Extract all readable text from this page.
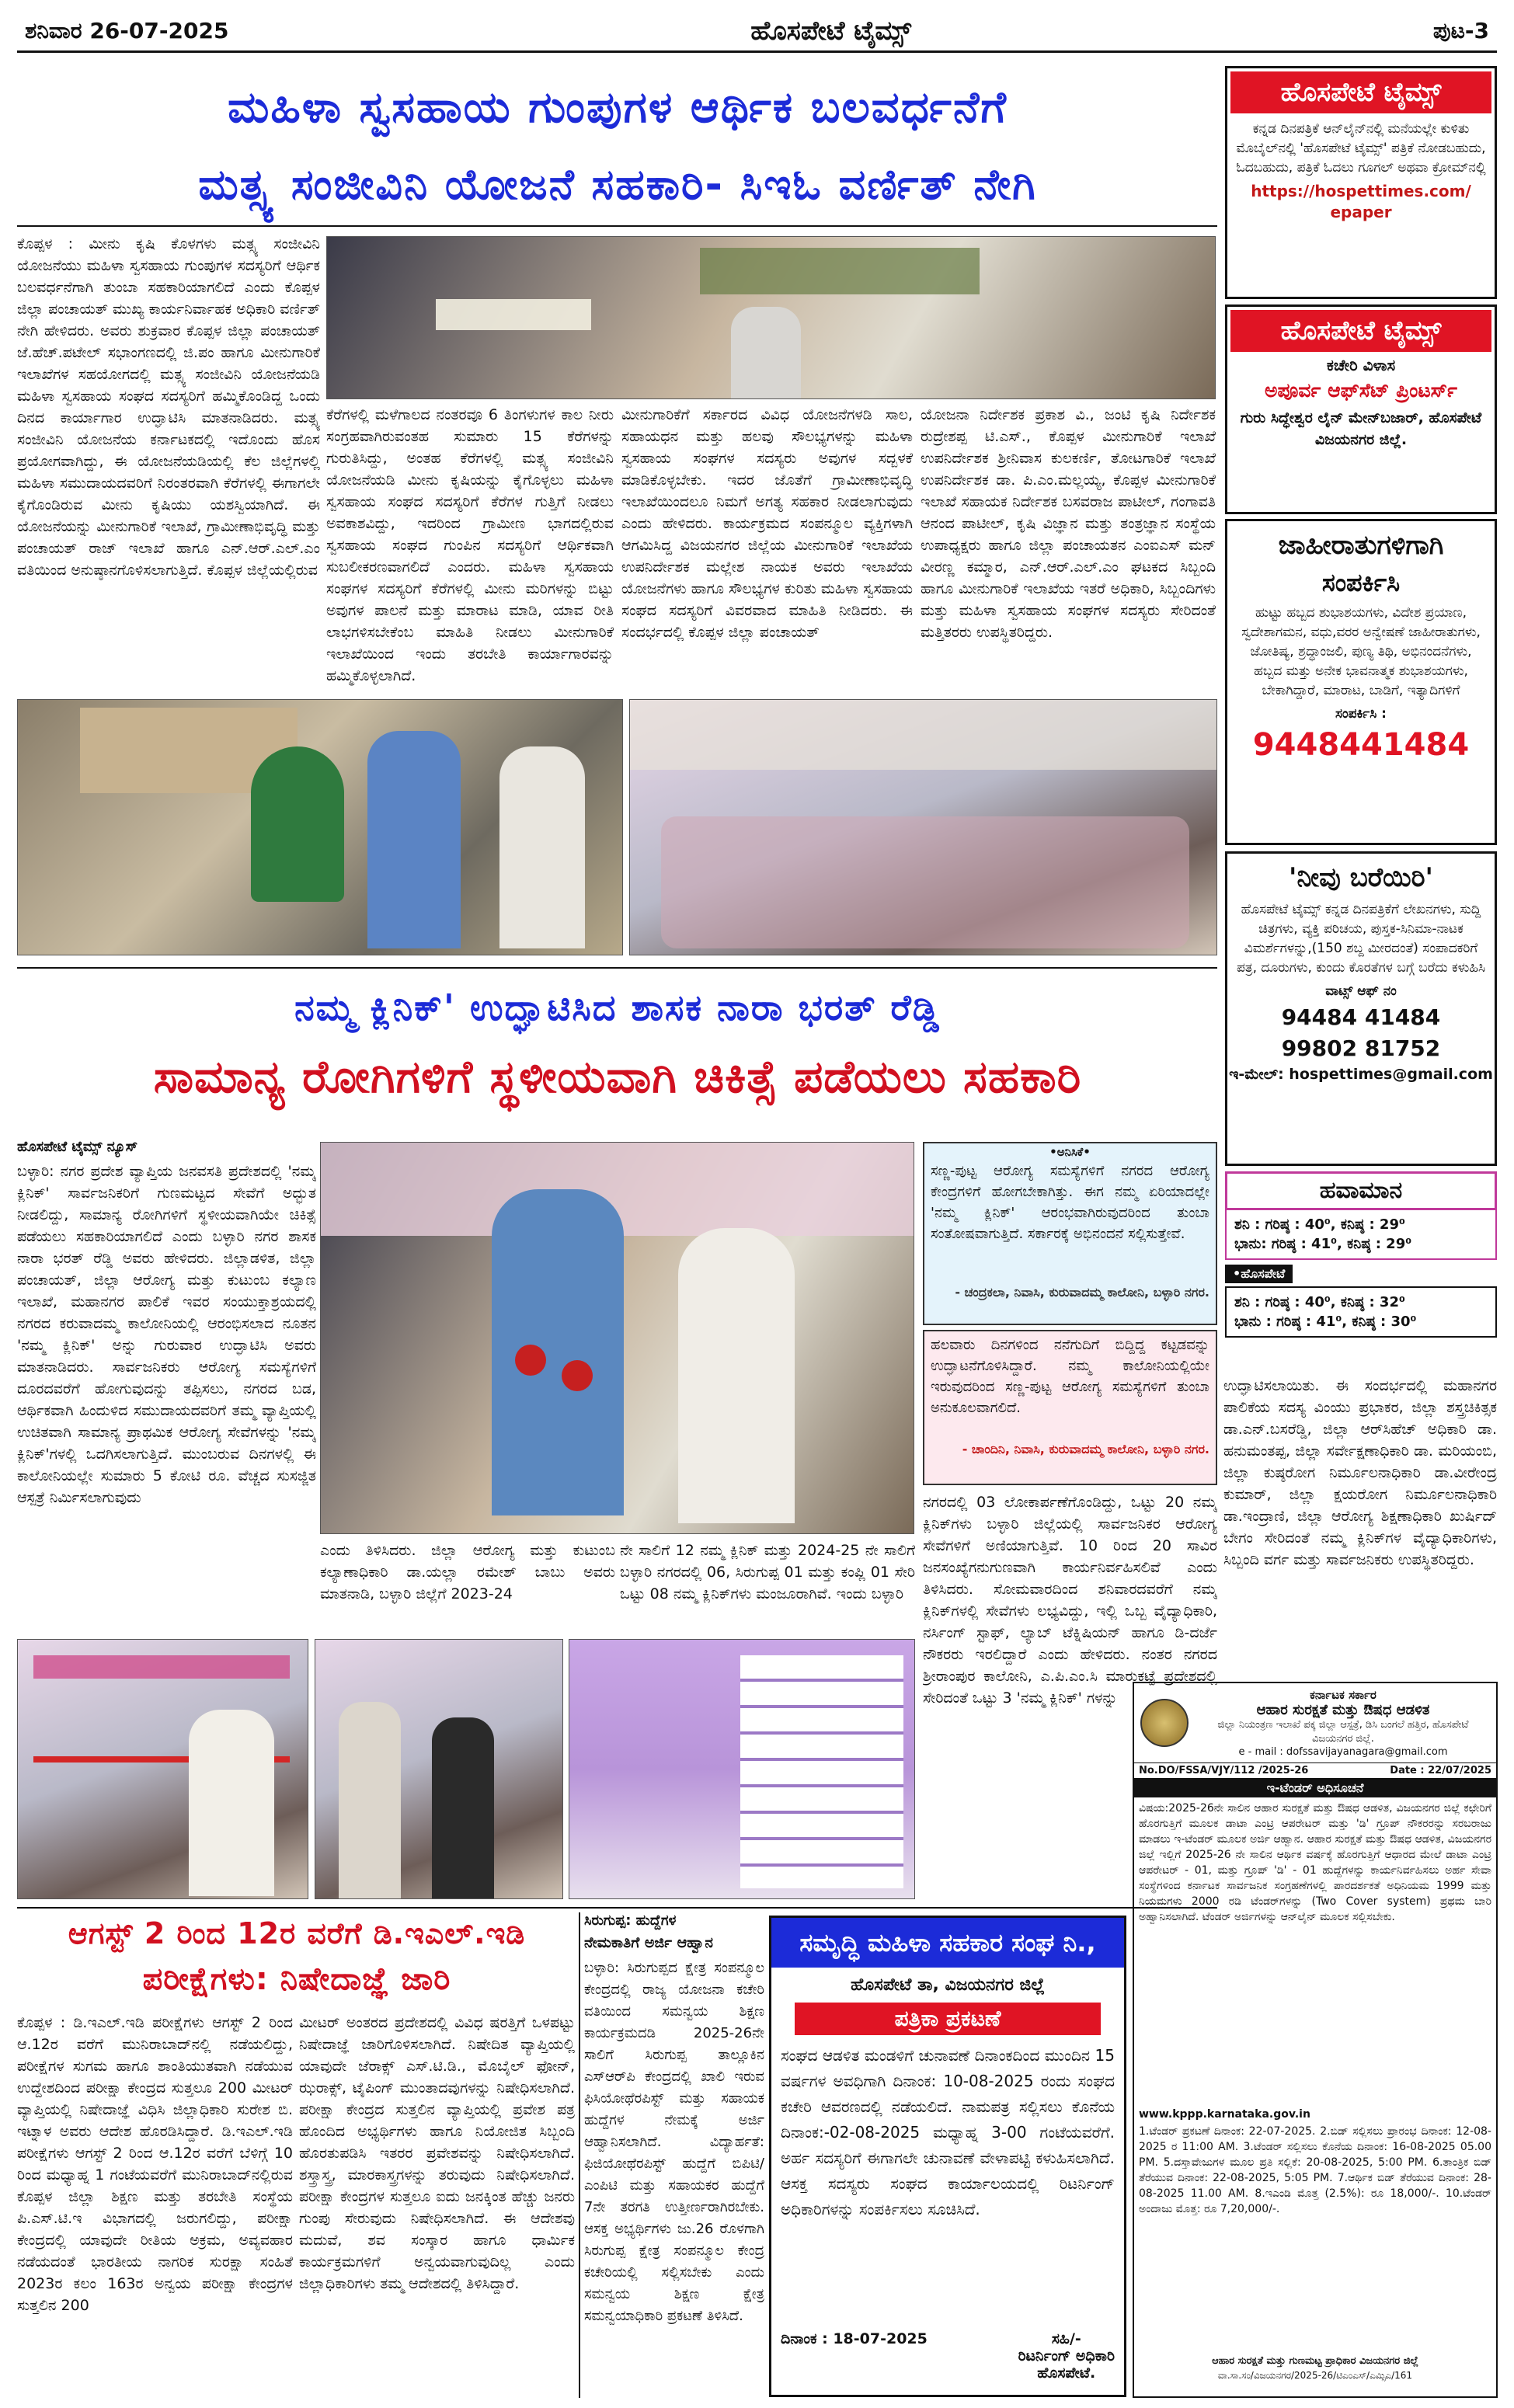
ಶನಿವಾರ 26-07-2025	ಹೊಸಪೇಟೆ ಟೈಮ್ಸ್	ಪುಟ-3
ಮಹಿಳಾ ಸ್ವಸಹಾಯ ಗುಂಪುಗಳ ಆರ್ಥಿಕ ಬಲವರ್ಧನೆಗೆ
ಮತ್ಸ್ಯ ಸಂಜೀವಿನಿ ಯೋಜನೆ ಸಹಕಾರಿ- ಸಿಇಓ ವರ್ಣಿತ್ ನೇಗಿ
ಕೊಪ್ಪಳ : ಮೀನು ಕೃಷಿ ಕೊಳಗಳು ಮತ್ಸ್ಯ ಸಂಜೀವಿನಿ ಯೋಜನೆಯು ಮಹಿಳಾ ಸ್ವಸಹಾಯ ಗುಂಪುಗಳ ಸದಸ್ಯರಿಗೆ ಆರ್ಥಿಕ ಬಲವರ್ಧನೆಗಾಗಿ ತುಂಬಾ ಸಹಕಾರಿಯಾಗಲಿದೆ ಎಂದು ಕೊಪ್ಪಳ ಜಿಲ್ಲಾ ಪಂಚಾಯತ್ ಮುಖ್ಯ ಕಾರ್ಯನಿರ್ವಾಹಕ ಅಧಿಕಾರಿ ವರ್ಣಿತ್ ನೇಗಿ ಹೇಳಿದರು. ಅವರು ಶುಕ್ರವಾರ ಕೊಪ್ಪಳ ಜಿಲ್ಲಾ ಪಂಚಾಯತ್ ಜೆ.ಹೆಚ್.ಪಟೇಲ್ ಸಭಾಂಗಣದಲ್ಲಿ ಜಿ.ಪಂ ಹಾಗೂ ಮೀನುಗಾರಿಕೆ ಇಲಾಖೆಗಳ ಸಹಯೋಗದಲ್ಲಿ ಮತ್ಸ್ಯ ಸಂಜೀವಿನಿ ಯೋಜನೆಯಡಿ ಮಹಿಳಾ ಸ್ವಸಹಾಯ ಸಂಘದ ಸದಸ್ಯರಿಗೆ ಹಮ್ಮಿಕೊಂಡಿದ್ದ ಒಂದು ದಿನದ ಕಾರ್ಯಾಗಾರ ಉದ್ಘಾಟಿಸಿ ಮಾತನಾಡಿದರು. ಮತ್ಸ್ಯ ಸಂಜೀವಿನಿ ಯೋಜನೆಯ ಕರ್ನಾಟಕದಲ್ಲಿ ಇದೊಂದು ಹೊಸ ಪ್ರಯೋಗವಾಗಿದ್ದು, ಈ ಯೋಜನೆಯಡಿಯಲ್ಲಿ ಕೆಲ ಜಿಲ್ಲೆಗಳಲ್ಲಿ ಮಹಿಳಾ ಸಮುದಾಯದವರಿಗೆ ನಿರಂತರವಾಗಿ ಕೆರೆಗಳಲ್ಲಿ ಈಗಾಗಲೇ ಕೈಗೊಂಡಿರುವ ಮೀನು ಕೃಷಿಯು ಯಶಸ್ವಿಯಾಗಿದೆ. ಈ ಯೋಜನೆಯನ್ನು ಮೀನುಗಾರಿಕೆ ಇಲಾಖೆ, ಗ್ರಾಮೀಣಾಭಿವೃದ್ಧಿ ಮತ್ತು ಪಂಚಾಯತ್ ರಾಜ್ ಇಲಾಖೆ ಹಾಗೂ ಎನ್.ಆರ್.ಎಲ್.ಎಂ ವತಿಯಿಂದ ಅನುಷ್ಠಾನಗೊಳಿಸಲಾಗುತ್ತಿದೆ. ಕೊಪ್ಪಳ ಜಿಲ್ಲೆಯಲ್ಲಿರುವ
ಕೆರೆಗಳಲ್ಲಿ ಮಳೆಗಾಲದ ನಂತರವೂ 6 ತಿಂಗಳುಗಳ ಕಾಲ ನೀರು ಸಂಗ್ರಹವಾಗಿರುವಂತಹ ಸುಮಾರು 15 ಕೆರೆಗಳನ್ನು ಗುರುತಿಸಿದ್ದು, ಅಂತಹ ಕೆರೆಗಳಲ್ಲಿ ಮತ್ಸ್ಯ ಸಂಜೀವಿನಿ ಯೋಜನೆಯಡಿ ಮೀನು ಕೃಷಿಯನ್ನು ಕೈಗೊಳ್ಳಲು ಮಹಿಳಾ ಸ್ವಸಹಾಯ ಸಂಘದ ಸದಸ್ಯರಿಗೆ ಕೆರೆಗಳ ಗುತ್ತಿಗೆ ನೀಡಲು ಅವಕಾಶವಿದ್ದು, ಇದರಿಂದ ಗ್ರಾಮೀಣ ಭಾಗದಲ್ಲಿರುವ ಸ್ವಸಹಾಯ ಸಂಘದ ಗುಂಪಿನ ಸದಸ್ಯರಿಗೆ ಆರ್ಥಿಕವಾಗಿ ಸುಬಲೀಕರಣವಾಗಲಿದೆ ಎಂದರು. ಮಹಿಳಾ ಸ್ವಸಹಾಯ ಸಂಘಗಳ ಸದಸ್ಯರಿಗೆ ಕೆರೆಗಳಲ್ಲಿ ಮೀನು ಮರಿಗಳನ್ನು ಬಿಟ್ಟು ಅವುಗಳ ಪಾಲನೆ ಮತ್ತು ಮಾರಾಟ ಮಾಡಿ, ಯಾವ ರೀತಿ ಲಾಭಗಳಿಸಬೇಕೆಂಬ ಮಾಹಿತಿ ನೀಡಲು ಮೀನುಗಾರಿಕೆ ಇಲಾಖೆಯಿಂದ ಇಂದು ತರಬೇತಿ ಕಾರ್ಯಾಗಾರವನ್ನು ಹಮ್ಮಿಕೊಳ್ಳಲಾಗಿದೆ.
ಮೀನುಗಾರಿಕೆಗೆ ಸರ್ಕಾರದ ವಿವಿಧ ಯೋಜನೆಗಳಡಿ ಸಾಲ, ಸಹಾಯಧನ ಮತ್ತು ಹಲವು ಸೌಲಭ್ಯಗಳನ್ನು ಮಹಿಳಾ ಸ್ವಸಹಾಯ ಸಂಘಗಳ ಸದಸ್ಯರು ಅವುಗಳ ಸದ್ಬಳಕೆ ಮಾಡಿಕೊಳ್ಳಬೇಕು. ಇದರ ಜೊತೆಗೆ ಗ್ರಾಮೀಣಾಭಿವೃದ್ಧಿ ಇಲಾಖೆಯಿಂದಲೂ ನಿಮಗೆ ಅಗತ್ಯ ಸಹಕಾರ ನೀಡಲಾಗುವುದು ಎಂದು ಹೇಳಿದರು. ಕಾರ್ಯಕ್ರಮದ ಸಂಪನ್ಮೂಲ ವ್ಯಕ್ತಿಗಳಾಗಿ ಆಗಮಿಸಿದ್ದ ವಿಜಯನಗರ ಜಿಲ್ಲೆಯ ಮೀನುಗಾರಿಕೆ ಇಲಾಖೆಯ ಉಪನಿರ್ದೇಶಕ ಮಲ್ಲೇಶ ನಾಯಕ ಅವರು ಇಲಾಖೆಯ ಯೋಜನೆಗಳು ಹಾಗೂ ಸೌಲಭ್ಯಗಳ ಕುರಿತು ಮಹಿಳಾ ಸ್ವಸಹಾಯ ಸಂಘದ ಸದಸ್ಯರಿಗೆ ವಿವರವಾದ ಮಾಹಿತಿ ನೀಡಿದರು. ಈ ಸಂದರ್ಭದಲ್ಲಿ ಕೊಪ್ಪಳ ಜಿಲ್ಲಾ ಪಂಚಾಯತ್
ಯೋಜನಾ ನಿರ್ದೇಶಕ ಪ್ರಕಾಶ ವಿ., ಜಂಟಿ ಕೃಷಿ ನಿರ್ದೇಶಕ ರುದ್ರೇಶಪ್ಪ ಟಿ.ಎಸ್., ಕೊಪ್ಪಳ ಮೀನುಗಾರಿಕೆ ಇಲಾಖೆ ಉಪನಿರ್ದೇಶಕ ಶ್ರೀನಿವಾಸ ಕುಲಕರ್ಣಿ, ತೋಟಗಾರಿಕೆ ಇಲಾಖೆ ಉಪನಿರ್ದೇಶಕ ಡಾ. ಪಿ.ಎಂ.ಮಲ್ಲಯ್ಯ, ಕೊಪ್ಪಳ ಮೀನುಗಾರಿಕೆ ಇಲಾಖೆ ಸಹಾಯಕ ನಿರ್ದೇಶಕ ಬಸವರಾಜ ಪಾಟೀಲ್, ಗಂಗಾವತಿ ಆನಂದ ಪಾಟೀಲ್, ಕೃಷಿ ವಿಜ್ಞಾನ ಮತ್ತು ತಂತ್ರಜ್ಞಾನ ಸಂಸ್ಥೆಯ ಉಪಾಧ್ಯಕ್ಷರು ಹಾಗೂ ಜಿಲ್ಲಾ ಪಂಚಾಯತನ ಎಂಐಎಸ್ ಮನ್ ವೀರಣ್ಣ ಕಮ್ಮಾರ, ಎನ್.ಆರ್.ಎಲ್.ಎಂ ಘಟಕದ ಸಿಬ್ಬಂದಿ ಹಾಗೂ ಮೀನುಗಾರಿಕೆ ಇಲಾಖೆಯ ಇತರೆ ಅಧಿಕಾರಿ, ಸಿಬ್ಬಂದಿಗಳು ಮತ್ತು ಮಹಿಳಾ ಸ್ವಸಹಾಯ ಸಂಘಗಳ ಸದಸ್ಯರು ಸೇರಿದಂತೆ ಮತ್ತಿತರರು ಉಪಸ್ಥಿತರಿದ್ದರು.
ನಮ್ಮ ಕ್ಲಿನಿಕ್' ಉದ್ಘಾಟಿಸಿದ ಶಾಸಕ ನಾರಾ ಭರತ್ ರೆಡ್ಡಿ
ಸಾಮಾನ್ಯ ರೋಗಿಗಳಿಗೆ ಸ್ಥಳೀಯವಾಗಿ ಚಿಕಿತ್ಸೆ ಪಡೆಯಲು ಸಹಕಾರಿ
ಹೊಸಪೇಟೆ ಟೈಮ್ಸ್ ನ್ಯೂಸ್
ಬಳ್ಳಾರಿ: ನಗರ ಪ್ರದೇಶ ವ್ಯಾಪ್ತಿಯ ಜನವಸತಿ ಪ್ರದೇಶದಲ್ಲಿ 'ನಮ್ಮ ಕ್ಲಿನಿಕ್' ಸಾರ್ವಜನಿಕರಿಗೆ ಗುಣಮಟ್ಟದ ಸೇವೆಗೆ ಅದ್ಭುತ ನೀಡಲಿದ್ದು, ಸಾಮಾನ್ಯ ರೋಗಿಗಳಿಗೆ ಸ್ಥಳೀಯವಾಗಿಯೇ ಚಿಕಿತ್ಸೆ ಪಡೆಯಲು ಸಹಕಾರಿಯಾಗಲಿದೆ ಎಂದು ಬಳ್ಳಾರಿ ನಗರ ಶಾಸಕ ನಾರಾ ಭರತ್ ರೆಡ್ಡಿ ಅವರು ಹೇಳಿದರು. ಜಿಲ್ಲಾಡಳಿತ, ಜಿಲ್ಲಾ ಪಂಚಾಯತ್, ಜಿಲ್ಲಾ ಆರೋಗ್ಯ ಮತ್ತು ಕುಟುಂಬ ಕಲ್ಯಾಣ ಇಲಾಖೆ, ಮಹಾನಗರ ಪಾಲಿಕೆ ಇವರ ಸಂಯುಕ್ತಾಶ್ರಯದಲ್ಲಿ ನಗರದ ಕರುವಾದಮ್ಮ ಕಾಲೋನಿಯಲ್ಲಿ ಆರಂಭಿಸಲಾದ ನೂತನ 'ನಮ್ಮ ಕ್ಲಿನಿಕ್' ಅನ್ನು ಗುರುವಾರ ಉದ್ಘಾಟಿಸಿ ಅವರು ಮಾತನಾಡಿದರು. ಸಾರ್ವಜನಿಕರು ಆರೋಗ್ಯ ಸಮಸ್ಯೆಗಳಿಗೆ ದೂರದವರೆಗೆ ಹೋಗುವುದನ್ನು ತಪ್ಪಿಸಲು, ನಗರದ ಬಡ, ಆರ್ಥಿಕವಾಗಿ ಹಿಂದುಳಿದ ಸಮುದಾಯದವರಿಗೆ ತಮ್ಮ ವ್ಯಾಪ್ತಿಯಲ್ಲಿ ಉಚಿತವಾಗಿ ಸಾಮಾನ್ಯ ಪ್ರಾಥಮಿಕ ಆರೋಗ್ಯ ಸೇವೆಗಳನ್ನು 'ನಮ್ಮ ಕ್ಲಿನಿಕ್'ಗಳಲ್ಲಿ ಒದಗಿಸಲಾಗುತ್ತಿದೆ. ಮುಂಬರುವ ದಿನಗಳಲ್ಲಿ ಈ ಕಾಲೋನಿಯಲ್ಲೇ ಸುಮಾರು 5 ಕೋಟಿ ರೂ. ವೆಚ್ಚದ ಸುಸಜ್ಜಿತ ಆಸ್ಪತ್ರೆ ನಿರ್ಮಿಸಲಾಗುವುದು
•ಅನಿಸಿಕೆ•
ಸಣ್ಣ-ಪುಟ್ಟ ಆರೋಗ್ಯ ಸಮಸ್ಯೆಗಳಿಗೆ ನಗರದ ಆರೋಗ್ಯ ಕೇಂದ್ರಗಳಿಗೆ ಹೋಗಬೇಕಾಗಿತ್ತು. ಈಗ ನಮ್ಮ ಏರಿಯಾದಲ್ಲೇ 'ನಮ್ಮ ಕ್ಲಿನಿಕ್' ಆರಂಭವಾಗಿರುವುದರಿಂದ ತುಂಬಾ ಸಂತೋಷವಾಗುತ್ತಿದೆ. ಸರ್ಕಾರಕ್ಕೆ ಅಭಿನಂದನೆ ಸಲ್ಲಿಸುತ್ತೇವೆ.
- ಚಂದ್ರಕಲಾ, ನಿವಾಸಿ, ಕುರುವಾದಮ್ಮ ಕಾಲೋನಿ, ಬಳ್ಳಾರಿ ನಗರ.
ಹಲವಾರು ದಿನಗಳಿಂದ ನನೆಗುದಿಗೆ ಬಿದ್ದಿದ್ದ ಕಟ್ಟಡವನ್ನು ಉದ್ಘಾಟನೆಗೊಳಿಸಿದ್ದಾರೆ. ನಮ್ಮ ಕಾಲೋನಿಯಲ್ಲಿಯೇ ಇರುವುದರಿಂದ ಸಣ್ಣ-ಪುಟ್ಟ ಆರೋಗ್ಯ ಸಮಸ್ಯೆಗಳಿಗೆ ತುಂಬಾ ಅನುಕೂಲವಾಗಲಿದೆ.
- ಚಾಂದಿನಿ, ನಿವಾಸಿ, ಕುರುವಾದಮ್ಮ ಕಾಲೋನಿ, ಬಳ್ಳಾರಿ ನಗರ.
ಎಂದು ತಿಳಿಸಿದರು. ಜಿಲ್ಲಾ ಆರೋಗ್ಯ ಮತ್ತು ಕುಟುಂಬ ಕಲ್ಯಾಣಾಧಿಕಾರಿ ಡಾ.ಯಲ್ಲಾ ರಮೇಶ್ ಬಾಬು ಅವರು ಮಾತನಾಡಿ, ಬಳ್ಳಾರಿ ಜಿಲ್ಲೆಗೆ 2023-24
ನೇ ಸಾಲಿಗೆ 12 ನಮ್ಮ ಕ್ಲಿನಿಕ್ ಮತ್ತು 2024-25 ನೇ ಸಾಲಿಗೆ ಬಳ್ಳಾರಿ ನಗರದಲ್ಲಿ 06, ಸಿರುಗುಪ್ಪ 01 ಮತ್ತು ಕಂಪ್ಲಿ 01 ಸೇರಿ ಒಟ್ಟು 08 ನಮ್ಮ ಕ್ಲಿನಿಕ್‌ಗಳು ಮಂಜೂರಾಗಿವೆ. ಇಂದು ಬಳ್ಳಾರಿ
ನಗರದಲ್ಲಿ 03 ಲೋಕಾರ್ಪಣೆಗೊಂಡಿದ್ದು, ಒಟ್ಟು 20 ನಮ್ಮ ಕ್ಲಿನಿಕ್‌ಗಳು ಬಳ್ಳಾರಿ ಜಿಲ್ಲೆಯಲ್ಲಿ ಸಾರ್ವಜನಿಕರ ಆರೋಗ್ಯ ಸೇವೆಗಳಿಗೆ ಅಣಿಯಾಗುತ್ತಿವೆ. 10 ರಿಂದ 20 ಸಾವಿರ ಜನಸಂಖ್ಯೆಗನುಗುಣವಾಗಿ ಕಾರ್ಯನಿರ್ವಹಿಸಲಿವೆ ಎಂದು ತಿಳಿಸಿದರು. ಸೋಮವಾರದಿಂದ ಶನಿವಾರದವರೆಗೆ ನಮ್ಮ ಕ್ಲಿನಿಕ್‌ಗಳಲ್ಲಿ ಸೇವೆಗಳು ಲಭ್ಯವಿದ್ದು, ಇಲ್ಲಿ ಒಬ್ಬ ವೈದ್ಯಾಧಿಕಾರಿ, ನರ್ಸಿಂಗ್ ಸ್ಟಾಫ್, ಲ್ಯಾಬ್ ಟೆಕ್ನಿಷಿಯನ್ ಹಾಗೂ ಡಿ-ದರ್ಜೆ ನೌಕರರು ಇರಲಿದ್ದಾರೆ ಎಂದು ಹೇಳಿದರು. ನಂತರ ನಗರದ ಶ್ರೀರಾಂಪುರ ಕಾಲೋನಿ, ಎ.ಪಿ.ಎಂ.ಸಿ ಮಾರುಕಟ್ಟೆ ಪ್ರದೇಶದಲ್ಲಿ ಸೇರಿದಂತೆ ಒಟ್ಟು 3 'ನಮ್ಮ ಕ್ಲಿನಿಕ್' ಗಳನ್ನು
ಉದ್ಘಾಟಿಸಲಾಯಿತು. ಈ ಸಂದರ್ಭದಲ್ಲಿ ಮಹಾನಗರ ಪಾಲಿಕೆಯ ಸದಸ್ಯ ವಿಂಯು ಪ್ರಭಾಕರ, ಜಿಲ್ಲಾ ಶಸ್ತ್ರಚಿಕಿತ್ಸಕ ಡಾ.ಎನ್.ಬಸರೆಡ್ಡಿ, ಜಿಲ್ಲಾ ಆರ್‌ಸಿಹೆಚ್ ಅಧಿಕಾರಿ ಡಾ. ಹನುಮಂತಪ್ಪ, ಜಿಲ್ಲಾ ಸರ್ವೇಕ್ಷಣಾಧಿಕಾರಿ ಡಾ. ಮರಿಯಂಬಿ, ಜಿಲ್ಲಾ ಕುಷ್ಠರೋಗ ನಿರ್ಮೂಲನಾಧಿಕಾರಿ ಡಾ.ವೀರೇಂದ್ರ ಕುಮಾರ್, ಜಿಲ್ಲಾ ಕ್ಷಯರೋಗ ನಿರ್ಮೂಲನಾಧಿಕಾರಿ ಡಾ.ಇಂದ್ರಾಣಿ, ಜಿಲ್ಲಾ ಆರೋಗ್ಯ ಶಿಕ್ಷಣಾಧಿಕಾರಿ ಖುರ್ಷಿದ್ ಬೇಗಂ ಸೇರಿದಂತೆ ನಮ್ಮ ಕ್ಲಿನಿಕ್‌ಗಳ ವೈದ್ಯಾಧಿಕಾರಿಗಳು, ಸಿಬ್ಬಂದಿ ವರ್ಗ ಮತ್ತು ಸಾರ್ವಜನಿಕರು ಉಪಸ್ಥಿತರಿದ್ದರು.
ಆಗಸ್ಟ್ 2 ರಿಂದ 12ರ ವರೆಗೆ ಡಿ.ಇಎಲ್.ಇಡಿ
ಪರೀಕ್ಷೆಗಳು: ನಿಷೇದಾಜ್ಞೆ ಜಾರಿ
ಕೊಪ್ಪಳ : ಡಿ.ಇಎಲ್.ಇಡಿ ಪರೀಕ್ಷೆಗಳು ಆಗಸ್ಟ್ 2 ರಿಂದ ಆ.12ರ ವರೆಗೆ ಮುನಿರಾಬಾದ್‌ನಲ್ಲಿ ನಡೆಯಲಿದ್ದು, ಪರೀಕ್ಷೆಗಳ ಸುಗಮ ಹಾಗೂ ಶಾಂತಿಯುತವಾಗಿ ನಡೆಯುವ ಉದ್ದೇಶದಿಂದ ಪರೀಕ್ಷಾ ಕೇಂದ್ರದ ಸುತ್ತಲೂ 200 ಮೀಟರ್ ವ್ಯಾಪ್ತಿಯಲ್ಲಿ ನಿಷೇದಾಜ್ಞೆ ವಿಧಿಸಿ ಜಿಲ್ಲಾಧಿಕಾರಿ ಸುರೇಶ ಬಿ. ಇಟ್ನಾಳ ಅವರು ಆದೇಶ ಹೊರಡಿಸಿದ್ದಾರೆ. ಡಿ.ಇಎಲ್.ಇಡಿ ಪರೀಕ್ಷೆಗಳು ಆಗಸ್ಟ್ 2 ರಿಂದ ಆ.12ರ ವರೆಗೆ ಬೆಳಿಗ್ಗೆ 10 ರಿಂದ ಮಧ್ಯಾಹ್ನ 1 ಗಂಟೆಯವರೆಗೆ ಮುನಿರಾಬಾದ್‌ನಲ್ಲಿರುವ ಕೊಪ್ಪಳ ಜಿಲ್ಲಾ ಶಿಕ್ಷಣ ಮತ್ತು ತರಬೇತಿ ಸಂಸ್ಥೆಯ ಪಿ.ಎಸ್.ಟಿ.ಇ ವಿಭಾಗದಲ್ಲಿ ಜರುಗಲಿದ್ದು, ಪರೀಕ್ಷಾ ಕೇಂದ್ರದಲ್ಲಿ ಯಾವುದೇ ರೀತಿಯ ಅಕ್ರಮ, ಅವ್ಯವಹಾರ ನಡೆಯದಂತೆ ಭಾರತೀಯ ನಾಗರಿಕ ಸುರಕ್ಷಾ ಸಂಹಿತೆ 2023ರ ಕಲಂ 163ರ ಅನ್ವಯ ಪರೀಕ್ಷಾ ಕೇಂದ್ರಗಳ ಸುತ್ತಲಿನ 200
ಮೀಟರ್ ಅಂತರದ ಪ್ರದೇಶದಲ್ಲಿ ವಿವಿಧ ಷರತ್ತಿಗೆ ಒಳಪಟ್ಟು ನಿಷೇದಾಜ್ಞೆ ಜಾರಿಗೊಳಿಸಲಾಗಿದೆ. ನಿಷೇದಿತ ವ್ಯಾಪ್ತಿಯಲ್ಲಿ ಯಾವುದೇ ಜೆರಾಕ್ಸ್ ಎಸ್.ಟಿ.ಡಿ., ಮೊಬೈಲ್ ಫೋನ್, ಝರಾಕ್ಸ್, ಟೈಪಿಂಗ್ ಮುಂತಾದವುಗಳನ್ನು ನಿಷೇಧಿಸಲಾಗಿದೆ. ಪರೀಕ್ಷಾ ಕೇಂದ್ರದ ಸುತ್ತಲಿನ ವ್ಯಾಪ್ತಿಯಲ್ಲಿ ಪ್ರವೇಶ ಪತ್ರ ಹೊಂದಿದ ಅಭ್ಯರ್ಥಿಗಳು ಹಾಗೂ ನಿಯೋಜಿತ ಸಿಬ್ಬಂದಿ ಹೊರತುಪಡಿಸಿ ಇತರರ ಪ್ರವೇಶವನ್ನು ನಿಷೇಧಿಸಲಾಗಿದೆ. ಶಸ್ತ್ರಾಸ್ತ್ರ, ಮಾರಕಾಸ್ತ್ರಗಳನ್ನು ತರುವುದು ನಿಷೇಧಿಸಲಾಗಿದೆ. ಪರೀಕ್ಷಾ ಕೇಂದ್ರಗಳ ಸುತ್ತಲೂ ಐದು ಜನಕ್ಕಿಂತ ಹೆಚ್ಚು ಜನರು ಗುಂಪು ಸೇರುವುದು ನಿಷೇಧಿಸಲಾಗಿದೆ. ಈ ಆದೇಶವು ಮದುವೆ, ಶವ ಸಂಸ್ಕಾರ ಹಾಗೂ ಧಾರ್ಮಿಕ ಕಾರ್ಯಕ್ರಮಗಳಿಗೆ ಅನ್ವಯವಾಗುವುದಿಲ್ಲ ಎಂದು ಜಿಲ್ಲಾಧಿಕಾರಿಗಳು ತಮ್ಮ ಆದೇಶದಲ್ಲಿ ತಿಳಿಸಿದ್ದಾರೆ.
ಸಿರುಗುಪ್ಪ: ಹುದ್ದೆಗಳ
ನೇಮಕಾತಿಗೆ ಅರ್ಜಿ ಆಹ್ವಾನ
ಬಳ್ಳಾರಿ: ಸಿರುಗುಪ್ಪದ ಕ್ಷೇತ್ರ ಸಂಪನ್ಮೂಲ ಕೇಂದ್ರದಲ್ಲಿ ರಾಜ್ಯ ಯೋಜನಾ ಕಚೇರಿ ವತಿಯಿಂದ ಸಮನ್ವಯ ಶಿಕ್ಷಣ ಕಾರ್ಯಕ್ರಮದಡಿ 2025-26ನೇ ಸಾಲಿಗೆ ಸಿರುಗುಪ್ಪ ತಾಲ್ಲೂಕಿನ ಎಸ್‌ಆರ್‌ಪಿ ಕೇಂದ್ರದಲ್ಲಿ ಖಾಲಿ ಇರುವ ಫಿಸಿಯೋಥೆರಪಿಸ್ಟ್ ಮತ್ತು ಸಹಾಯಕ ಹುದ್ದೆಗಳ ನೇಮಕ್ಕೆ ಅರ್ಜಿ ಆಹ್ವಾನಿಸಲಾಗಿದೆ. ವಿದ್ಯಾರ್ಹತೆ: ಫಿಜಿಯೋಥೆರಪಿಸ್ಟ್ ಹುದ್ದೆಗೆ ಬಿಪಿಟಿ/ಎಂಪಿಟಿ ಮತ್ತು ಸಹಾಯಕರ ಹುದ್ದೆಗೆ 7ನೇ ತರಗತಿ ಉತ್ತೀರ್ಣರಾಗಿರಬೇಕು. ಆಸಕ್ತ ಅಭ್ಯರ್ಥಿಗಳು ಜು.26 ರೊಳಗಾಗಿ ಸಿರುಗುಪ್ಪ ಕ್ಷೇತ್ರ ಸಂಪನ್ಮೂಲ ಕೇಂದ್ರ ಕಚೇರಿಯಲ್ಲಿ ಸಲ್ಲಿಸಬೇಕು ಎಂದು ಸಮನ್ವಯ ಶಿಕ್ಷಣ ಕ್ಷೇತ್ರ ಸಮನ್ವಯಾಧಿಕಾರಿ ಪ್ರಕಟಣೆ ತಿಳಿಸಿದೆ.
ಸಮೃದ್ಧಿ ಮಹಿಳಾ ಸಹಕಾರ ಸಂಘ ನಿ.,
ಹೊಸಪೇಟೆ ತಾ, ವಿಜಯನಗರ ಜಿಲ್ಲೆ
ಪತ್ರಿಕಾ ಪ್ರಕಟಣೆ
ಸಂಘದ ಆಡಳಿತ ಮಂಡಳಿಗೆ ಚುನಾವಣೆ ದಿನಾಂಕದಿಂದ ಮುಂದಿನ 15 ವರ್ಷಗಳ ಅವಧಿಗಾಗಿ ದಿನಾಂಕ: 10-08-2025 ರಂದು ಸಂಘದ ಕಚೇರಿ ಆವರಣದಲ್ಲಿ ನಡೆಯಲಿದೆ. ನಾಮಪತ್ರ ಸಲ್ಲಿಸಲು ಕೊನೆಯ ದಿನಾಂಕ:-02-08-2025 ಮಧ್ಯಾಹ್ನ 3-00 ಗಂಟೆಯವರೆಗೆ. ಅರ್ಹ ಸದಸ್ಯರಿಗೆ ಈಗಾಗಲೇ ಚುನಾವಣೆ ವೇಳಾಪಟ್ಟಿ ಕಳುಹಿಸಲಾಗಿದೆ. ಆಸಕ್ತ ಸದಸ್ಯರು ಸಂಘದ ಕಾರ್ಯಾಲಯದಲ್ಲಿ ರಿಟರ್ನಿಂಗ್ ಅಧಿಕಾರಿಗಳನ್ನು ಸಂಪರ್ಕಿಸಲು ಸೂಚಿಸಿದೆ.
ದಿನಾಂಕ : 18-07-2025	ಸಹಿ/-
ರಿಟರ್ನಿಂಗ್ ಅಧಿಕಾರಿ
ಹೊಸಪೇಟೆ.
ಕರ್ನಾಟಕ ಸರ್ಕಾರ
ಆಹಾರ ಸುರಕ್ಷತೆ ಮತ್ತು ಔಷಧ ಆಡಳಿತ
ಜಿಲ್ಲಾ ನಿಯಂತ್ರಣ ಇಲಾಖೆ ಪಕ್ಕ ಜಿಲ್ಲಾ ಆಸ್ಪತ್ರೆ, ಡಿಸಿ ಬಂಗಲೆ ಹತ್ತಿರ, ಹೊಸಪೇಟೆ ವಿಜಯನಗರ ಜಿಲ್ಲೆ.
e - mail : dofssavijayanagara@gmail.com
No.DO/FSSA/VJY/112 /2025-26	Date : 22/07/2025
ಇ-ಟೆಂಡರ್ ಅಧಿಸೂಚನೆ
ವಿಷಯ:2025-26ನೇ ಸಾಲಿನ ಆಹಾರ ಸುರಕ್ಷತೆ ಮತ್ತು ಔಷಧ ಆಡಳಿತ, ವಿಜಯನಗರ ಜಿಲ್ಲೆ ಕಛೇರಿಗೆ ಹೊರಗುತ್ತಿಗೆ ಮೂಲಕ ಡಾಟಾ ಎಂಟ್ರಿ ಆಪರೇಟರ್ ಮತ್ತು 'ಡಿ' ಗ್ರೂಪ್ ನೌಕರರನ್ನು ಸರಬರಾಜು ಮಾಡಲು ಇ-ಟೆಂಡರ್ ಮೂಲಕ ಅರ್ಜಿ ಆಹ್ವಾನ. ಆಹಾರ ಸುರಕ್ಷತೆ ಮತ್ತು ಔಷಧ ಆಡಳಿತ, ವಿಜಯನಗರ ಜಿಲ್ಲೆ ಇಲ್ಲಿಗೆ 2025-26 ನೇ ಸಾಲಿನ ಆರ್ಥಿಕ ವರ್ಷಕ್ಕೆ ಹೊರಗುತ್ತಿಗೆ ಆಧಾರದ ಮೇಲೆ ಡಾಟಾ ಎಂಟ್ರಿ ಆಪರೇಟರ್ - 01, ಮತ್ತು ಗ್ರೂಪ್ 'ಡಿ' - 01 ಹುದ್ದೆಗಳನ್ನು ಕಾರ್ಯನಿರ್ವಹಿಸಲು ಅರ್ಹ ಸೇವಾ ಸಂಸ್ಥೆಗಳಿಂದ ಕರ್ನಾಟಕ ಸಾರ್ವಜನಿಕ ಸಂಗ್ರಹಣೆಗಳಲ್ಲಿ ಪಾರದರ್ಶಕತೆ ಅಧಿನಿಯಮ 1999 ಮತ್ತು ನಿಯಮಗಳು 2000 ರಡಿ ಟೆಂಡರ್‌ಗಳನ್ನು (Two Cover system) ಪ್ರಥಮ ಬಾರಿ ಅಹ್ವಾನಿಸಲಾಗಿದೆ. ಟೆಂಡರ್ ಅರ್ಜಿಗಳನ್ನು ಆನ್‌ಲೈನ್ ಮೂಲಕ ಸಲ್ಲಿಸಬೇಕು.
www.kppp.karnataka.gov.in
1.ಟೆಂಡರ್ ಪ್ರಕಟಣೆ ದಿನಾಂಕ: 22-07-2025. 2.ಬಿಡ್ ಸಲ್ಲಿಸಲು ಪ್ರಾರಂಭ ದಿನಾಂಕ: 12-08-2025 ರ 11:00 AM. 3.ಟೆಂಡರ್ ಸಲ್ಲಿಸಲು ಕೊನೆಯ ದಿನಾಂಕ: 16-08-2025 05.00 PM. 5.ದಸ್ತಾವೇಜುಗಳ ಮೂಲ ಪ್ರತಿ ಸಲ್ಲಿಕೆ: 20-08-2025, 5:00 PM. 6.ತಾಂತ್ರಿಕ ಬಿಡ್ ತೆರೆಯುವ ದಿನಾಂಕ: 22-08-2025, 5:05 PM. 7.ಆರ್ಥಿಕ ಬಿಡ್ ತೆರೆಯುವ ದಿನಾಂಕ: 28-08-2025 11.00 AM. 8.ಇಎಂಡಿ ಮೊತ್ತ (2.5%): ರೂ 18,000/-. 10.ಟೆಂಡರ್ ಅಂದಾಜು ಮೊತ್ತ: ರೂ 7,20,000/-.
ಆಹಾರ ಸುರಕ್ಷತೆ ಮತ್ತು ಗುಣಮಟ್ಟ ಪ್ರಾಧಿಕಾರ ವಿಜಯನಗರ ಜಿಲ್ಲೆ
ವಾ.ಸಾ.ಸಂ/ವಿಜಯನಗರ/2025-26/ಟಿಎಂಎಸ್/ಎಮ್ಸಿಎ/161
ಹೊಸಪೇಟೆ ಟೈಮ್ಸ್
ಕನ್ನಡ ದಿನಪತ್ರಿಕೆ ಆನ್‌ಲೈನ್‌ನಲ್ಲಿ ಮನೆಯಲ್ಲೇ ಕುಳಿತು ಮೊಬೈಲ್‌ನಲ್ಲಿ 'ಹೊಸಪೇಟೆ ಟೈಮ್ಸ್' ಪತ್ರಿಕೆ ನೋಡಬಹುದು, ಓದಬಹುದು, ಪತ್ರಿಕೆ ಓದಲು ಗೂಗಲ್ ಅಥವಾ ಕ್ರೋಮ್‌ನಲ್ಲಿ
https://hospettimes.com/
epaper
ಹೊಸಪೇಟೆ ಟೈಮ್ಸ್
ಕಚೇರಿ ವಿಳಾಸ
ಅಪೂರ್ವ ಆಫ್‌ಸೆಟ್ ಪ್ರಿಂಟರ್ಸ್
ಗುರು ಸಿದ್ಧೇಶ್ವರ ಲೈನ್ ಮೇನ್‌ಬಜಾರ್, ಹೊಸಪೇಟೆ ವಿಜಯನಗರ ಜಿಲ್ಲೆ.
ಜಾಹೀರಾತುಗಳಿಗಾಗಿ
ಸಂಪರ್ಕಿಸಿ
ಹುಟ್ಟು ಹಬ್ಬದ ಶುಭಾಶಯಗಳು, ವಿದೇಶ ಪ್ರಯಾಣ, ಸ್ವದೇಶಾಗಮನ, ವಧು,ವರರ ಅನ್ವೇಷಣೆ ಜಾಹೀರಾತುಗಳು, ಜೋತಿಷ್ಯ, ಶ್ರದ್ಧಾಂಜಲಿ, ಪುಣ್ಯ ತಿಥಿ, ಅಭಿನಂದನೆಗಳು, ಹಬ್ಬದ ಮತ್ತು ಅನೇಕ ಭಾವನಾತ್ಮಕ ಶುಭಾಶಯಗಳು, ಬೇಕಾಗಿದ್ದಾರೆ, ಮಾರಾಟ, ಬಾಡಿಗೆ, ಇತ್ಯಾದಿಗಳಿಗೆ
ಸಂಪರ್ಕಿಸಿ :
9448441484
'ನೀವು ಬರೆಯಿರಿ'
ಹೊಸಪೇಟೆ ಟೈಮ್ಸ್ ಕನ್ನಡ ದಿನಪತ್ರಿಕೆಗೆ ಲೇಖನಗಳು, ಸುದ್ದಿ ಚಿತ್ರಗಳು, ವ್ಯಕ್ತಿ ಪರಿಚಯ, ಪುಸ್ತಕ-ಸಿನಿಮಾ-ನಾಟಕ ವಿಮರ್ಶೆಗಳನ್ನು,(150 ಶಬ್ದ ಮೀರದಂತೆ) ಸಂಪಾದಕರಿಗೆ ಪತ್ರ, ದೂರುಗಳು, ಕುಂದು ಕೊರತೆಗಳ ಬಗ್ಗೆ ಬರೆದು ಕಳುಹಿಸಿ
ವಾಟ್ಸ್ ಆಫ್ ನಂ
94484 41484
99802 81752
ಇ-ಮೇಲ್: hospettimes@gmail.com
ಹವಾಮಾನ
ಶನಿ : ಗರಿಷ್ಠ : 40⁰, ಕನಿಷ್ಠ : 29⁰
ಭಾನು: ಗರಿಷ್ಠ : 41⁰, ಕನಿಷ್ಠ : 29⁰
•ಹೊಸಪೇಟೆ
ಶನಿ : ಗರಿಷ್ಠ : 40⁰, ಕನಿಷ್ಠ : 32⁰
ಭಾನು : ಗರಿಷ್ಠ : 41⁰, ಕನಿಷ್ಠ : 30⁰
